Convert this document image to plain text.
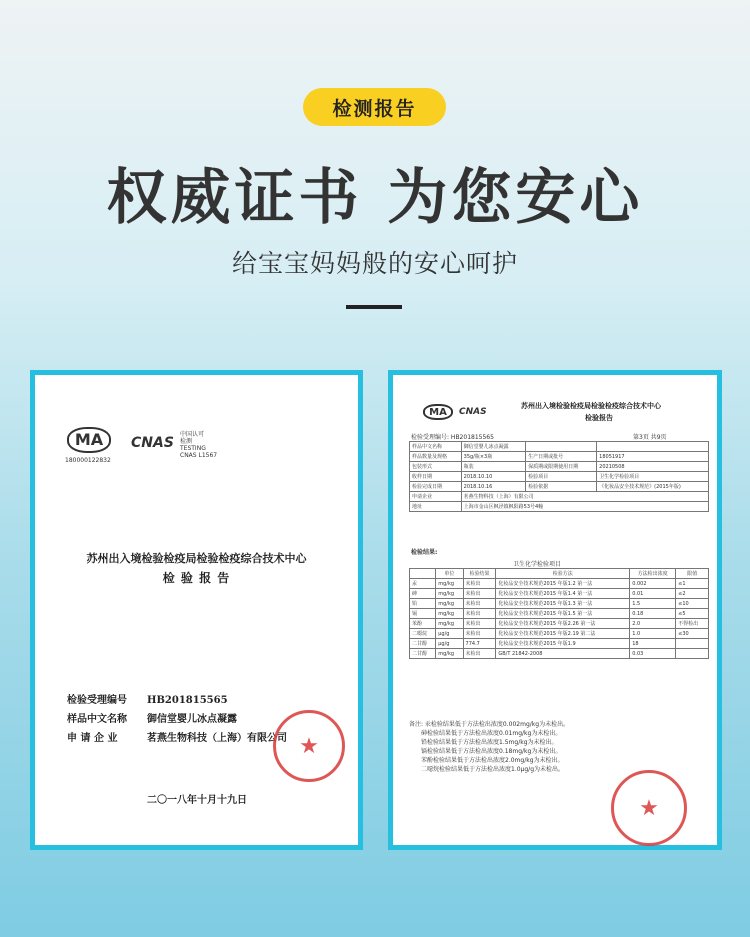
检测报告
权威证书 为您安心
给宝宝妈妈般的安心呵护
MA
180000122832
CNAS
中国认可
检测
TESTING
CNAS L1567
苏州出入境检验检疫局检验检疫综合技术中心
检 验 报 告
检验受理编号 HB201815565
样品中文名称 御信堂婴儿冰点凝露
申 请 企 业	茗燕生物科技（上海）有限公司 ★
二〇一八年十月十九日
MA	CNAS
苏州出入境检验检疫局检验检疫综合技术中心
检验报告
检验受理编号: HB201815565	第3页 共9页
样品中文名称	御信堂婴儿冰点凝露		
样品数量及规格	35g/瓶×3瓶	生产日期或批号	18051917
包装形式	瓶装	保质期或限期使用日期	20210508
收样日期	2018.10.10	检验项目	卫生化学检验项目
检验完成日期	2018.10.16	检验依据	《化妆品安全技术规范》(2015年版)
申请企业	茗燕生物科技（上海）有限公司		
地址	上海市金山区枫泾镇枫阳路53号4幢		
检验结果:
卫生化学检验项目
	单位	检验结果	检验方法	方法检出浓度	限值
汞	mg/kg	未检出	化妆品安全技术规范2015 年版1.2 第一法	0.002	≤1
砷	mg/kg	未检出	化妆品安全技术规范2015 年版1.4 第一法	0.01	≤2
铅	mg/kg	未检出	化妆品安全技术规范2015 年版1.3 第一法	1.5	≤10
镉	mg/kg	未检出	化妆品安全技术规范2015 年版1.5 第一法	0.18	≤5
苯酚	mg/kg	未检出	化妆品安全技术规范2015 年版2.26 第一法	2.0	不得检出
二噁烷	μg/g	未检出	化妆品安全技术规范2015 年版2.19 第二法	1.0	≤30
二甘醇	μg/g	774.7	化妆品安全技术规范2015 年版1.9	18	
二甘醇	mg/kg	未检出	GB/T 21842-2008	0.03	
备注: 汞检验结果低于方法检出浓度0.002mg/kg为未检出。
砷检验结果低于方法检出浓度0.01mg/kg为未检出。
铅检验结果低于方法检出浓度1.5mg/kg为未检出。
镉检验结果低于方法检出浓度0.18mg/kg为未检出。
苯酚检验结果低于方法检出浓度2.0mg/kg为未检出。
二噁烷检验结果低于方法检出浓度1.0μg/g为未检出。
★
